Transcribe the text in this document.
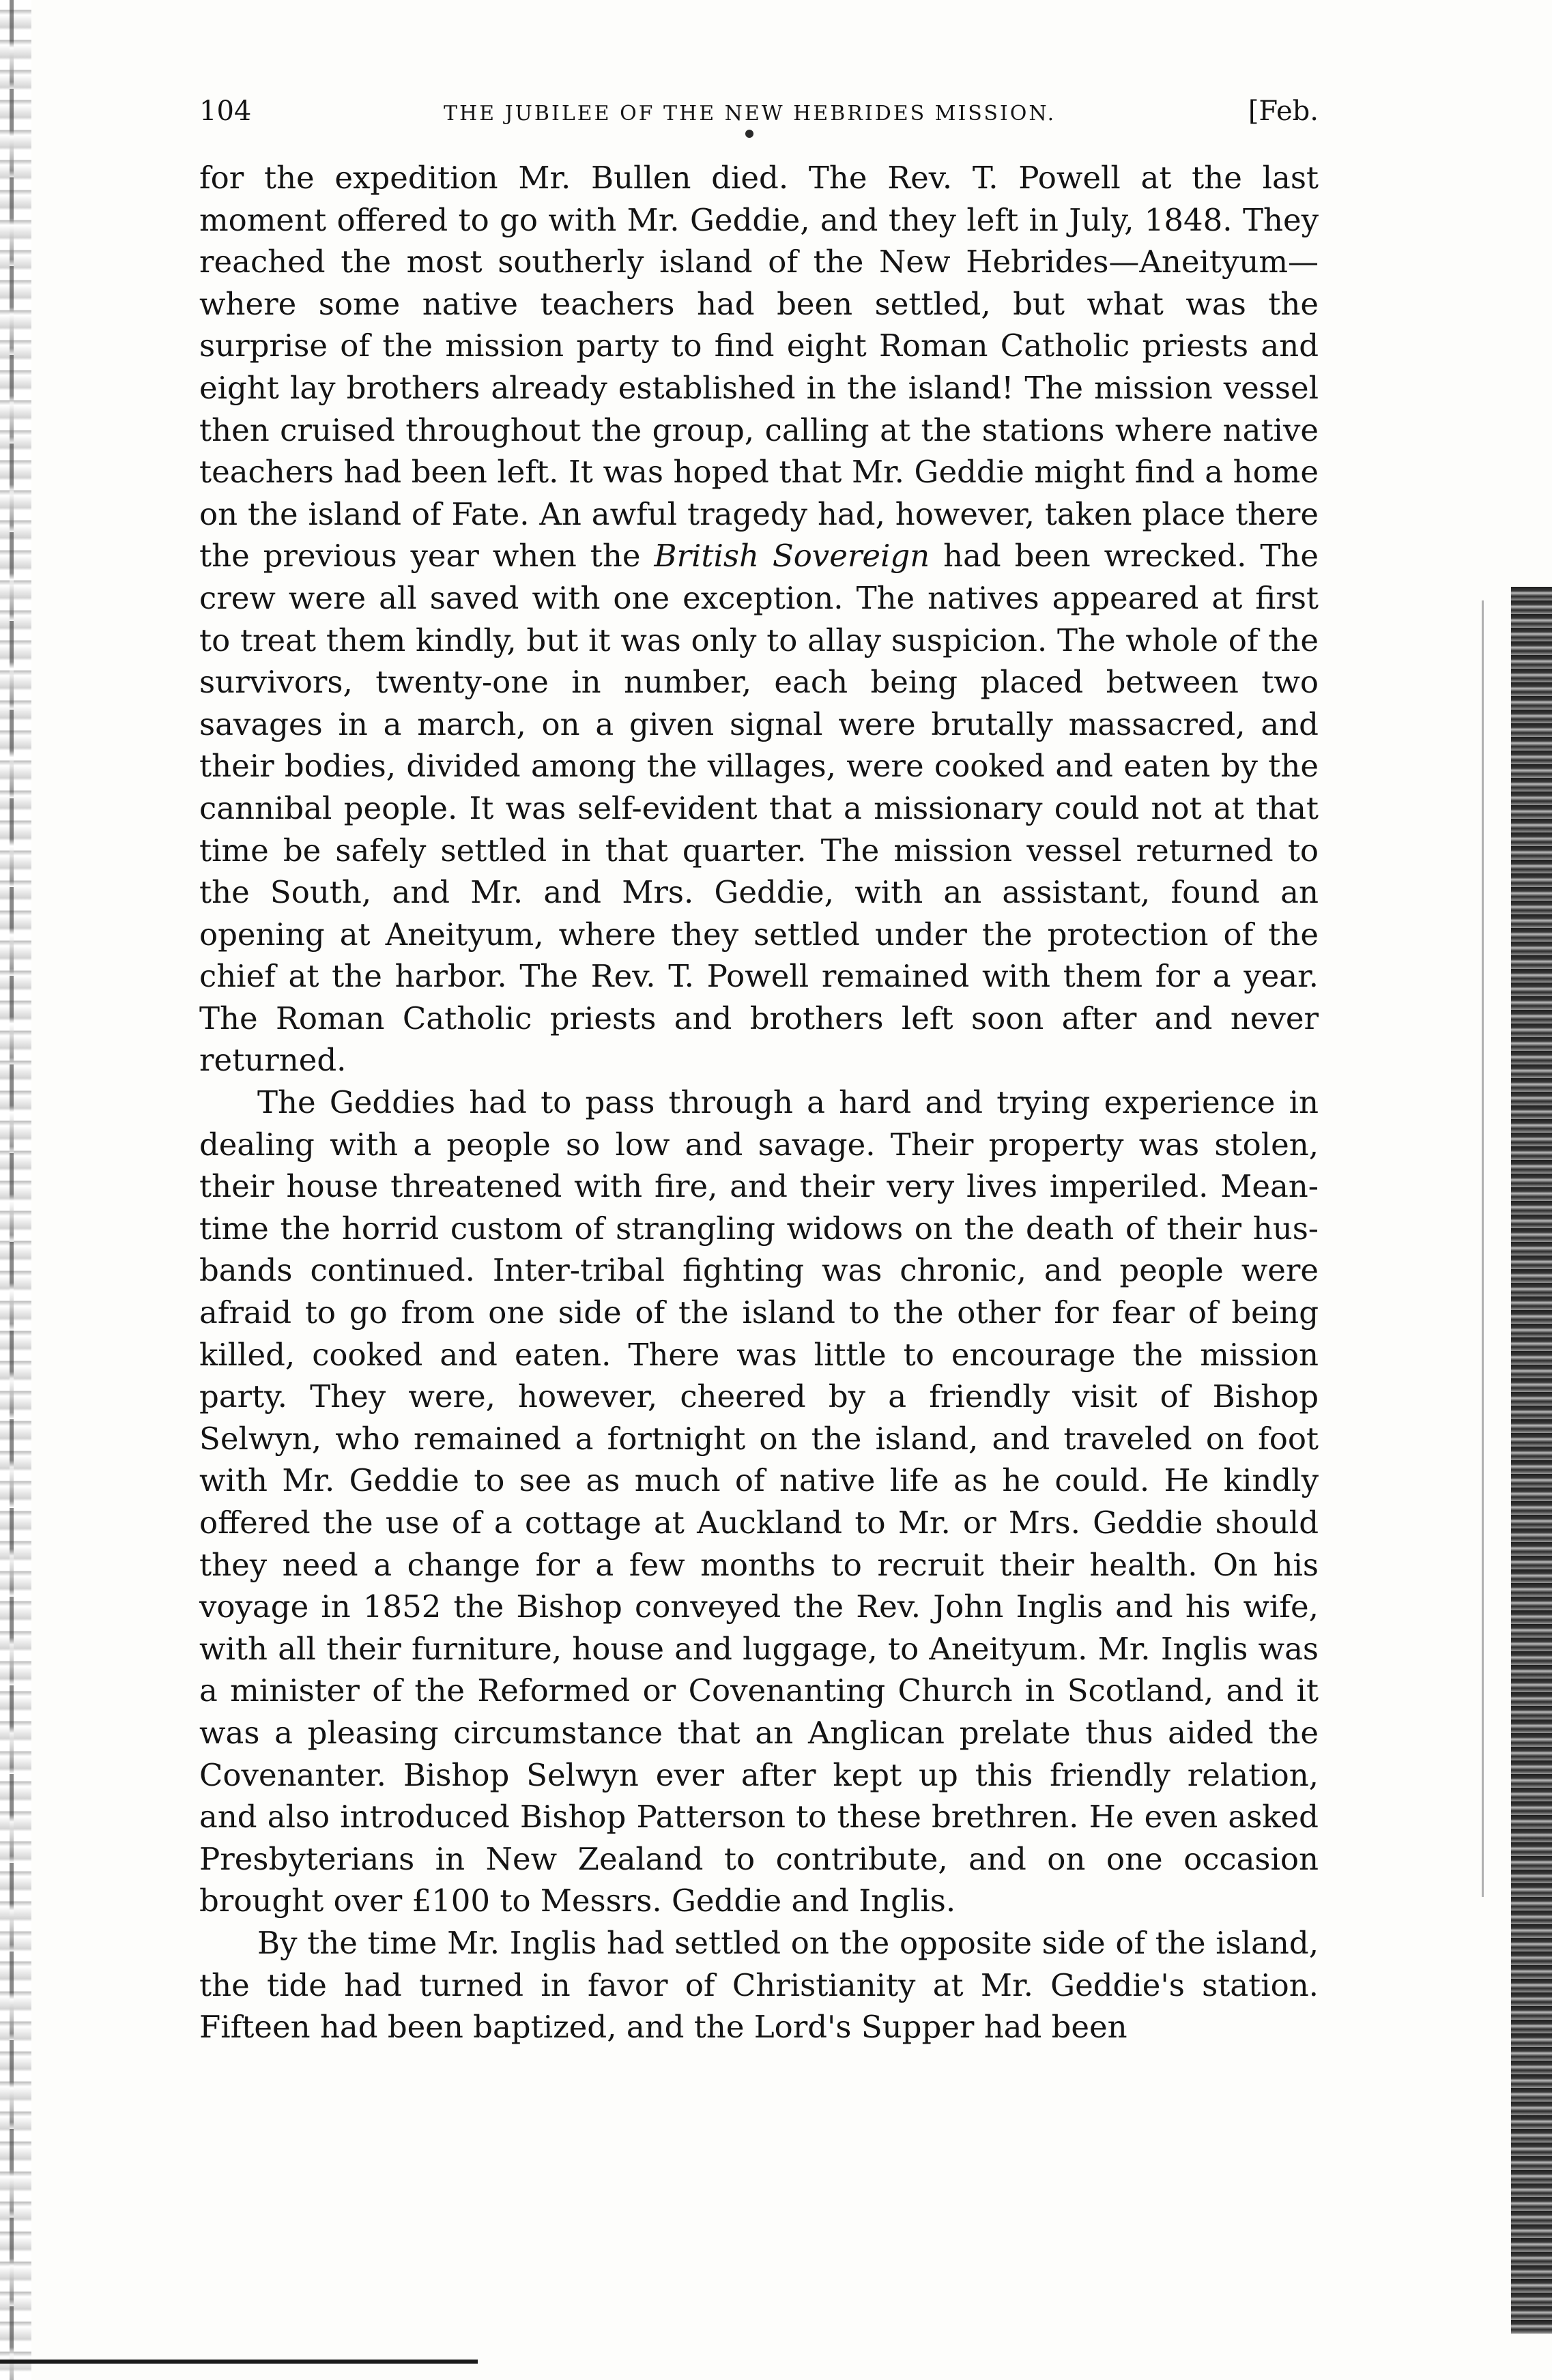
104	THE JUBILEE OF THE NEW HEBRIDES MISSION.	[Feb.

for the expedition Mr. Bullen died. The Rev. T. Powell at the last moment offered to go with Mr. Geddie, and they left in July, 1848. They reached the most southerly island of the New Hebrides—Aneityum—where some native teachers had been settled, but what was the surprise of the mission party to find eight Roman Catholic priests and eight lay brothers already established in the island! The mission vessel then cruised throughout the group, calling at the stations where native teachers had been left. It was hoped that Mr. Geddie might find a home on the island of Fate. An awful tragedy had, however, taken place there the previous year when the British Sovereign had been wrecked. The crew were all saved with one exception. The natives appeared at first to treat them kindly, but it was only to allay suspicion. The whole of the survivors, twenty-one in number, each being placed between two savages in a march, on a given signal were brutally massacred, and their bodies, divided among the villages, were cooked and eaten by the cannibal people. It was self-evident that a missionary could not at that time be safely settled in that quarter. The mission vessel returned to the South, and Mr. and Mrs. Geddie, with an assistant, found an opening at Aneityum, where they settled under the protection of the chief at the harbor. The Rev. T. Powell remained with them for a year. The Roman Catholic priests and brothers left soon after and never returned.

The Geddies had to pass through a hard and trying experience in dealing with a people so low and savage. Their property was stolen, their house threatened with fire, and their very lives imperiled. Meantime the horrid custom of strangling widows on the death of their husbands continued. Inter-tribal fighting was chronic, and people were afraid to go from one side of the island to the other for fear of being killed, cooked and eaten. There was little to encourage the mission party. They were, however, cheered by a friendly visit of Bishop Selwyn, who remained a fortnight on the island, and traveled on foot with Mr. Geddie to see as much of native life as he could. He kindly offered the use of a cottage at Auckland to Mr. or Mrs. Geddie should they need a change for a few months to recruit their health. On his voyage in 1852 the Bishop conveyed the Rev. John Inglis and his wife, with all their furniture, house and luggage, to Aneityum. Mr. Inglis was a minister of the Reformed or Covenanting Church in Scotland, and it was a pleasing circumstance that an Anglican prelate thus aided the Covenanter. Bishop Selwyn ever after kept up this friendly relation, and also introduced Bishop Patterson to these brethren. He even asked Presbyterians in New Zealand to contribute, and on one occasion brought over £100 to Messrs. Geddie and Inglis.

By the time Mr. Inglis had settled on the opposite side of the island, the tide had turned in favor of Christianity at Mr. Geddie's station. Fifteen had been baptized, and the Lord's Supper had been
